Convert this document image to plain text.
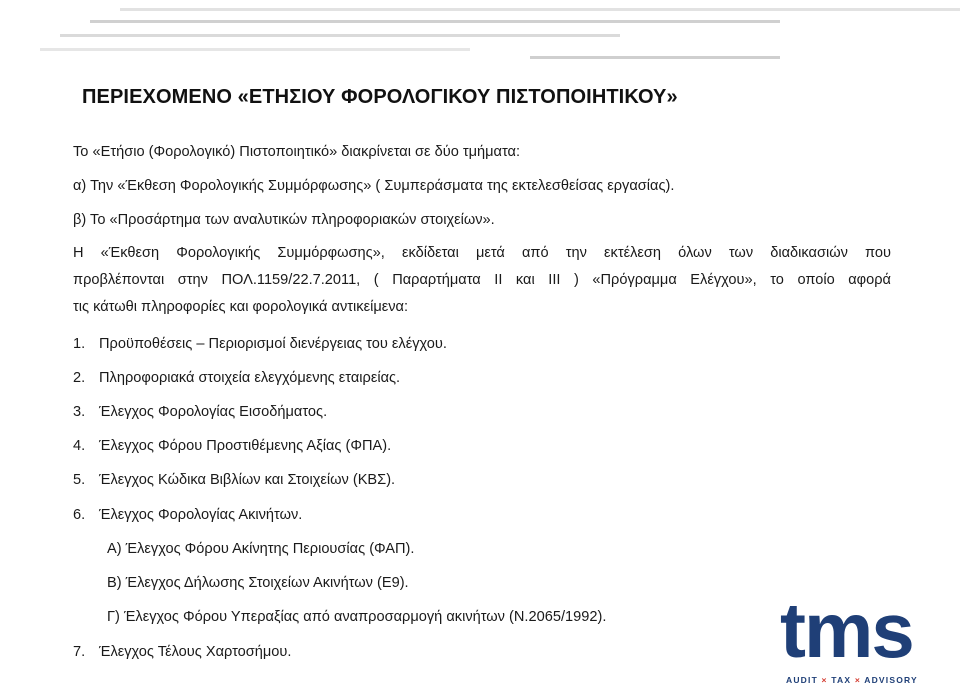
ΠΕΡΙΕΧΟΜΕΝΟ «ΕΤΗΣΙΟΥ ΦΟΡΟΛΟΓΙΚΟΥ ΠΙΣΤΟΠΟΙΗΤΙΚΟΥ»

Το «Ετήσιο (Φορολογικό) Πιστοποιητικό» διακρίνεται σε δύο τμήματα:

α) Την «Έκθεση Φορολογικής Συμμόρφωσης» ( Συμπεράσματα της εκτελεσθείσας εργασίας).

β) Το «Προσάρτημα των αναλυτικών πληροφοριακών στοιχείων».

Η «Έκθεση Φορολογικής Συμμόρφωσης», εκδίδεται μετά από την εκτέλεση όλων των διαδικασιών που

προβλέπονται στην ΠΟΛ.1159/22.7.2011, ( Παραρτήματα ΙΙ και ΙΙΙ ) «Πρόγραμμα Ελέγχου», το οποίο αφορά

τις κάτωθι πληροφορίες και φορολογικά αντικείμενα:

1. Προϋποθέσεις – Περιορισμοί διενέργειας του ελέγχου.

2. Πληροφοριακά στοιχεία ελεγχόμενης εταιρείας.

3. Έλεγχος Φορολογίας Εισοδήματος.

4. Έλεγχος Φόρου Προστιθέμενης Αξίας (ΦΠΑ).

5. Έλεγχος Κώδικα Βιβλίων και Στοιχείων (ΚΒΣ).

6. Έλεγχος Φορολογίας Ακινήτων.

Α) Έλεγχος Φόρου Ακίνητης Περιουσίας (ΦΑΠ).

Β) Έλεγχος Δήλωσης Στοιχείων Ακινήτων (Ε9).

Γ) Έλεγχος Φόρου Υπεραξίας από αναπροσαρμογή ακινήτων (Ν.2065/1992).

7. Έλεγχος Τέλους Χαρτοσήμου.	tms
AUDIT × TAX × ADVISORY
